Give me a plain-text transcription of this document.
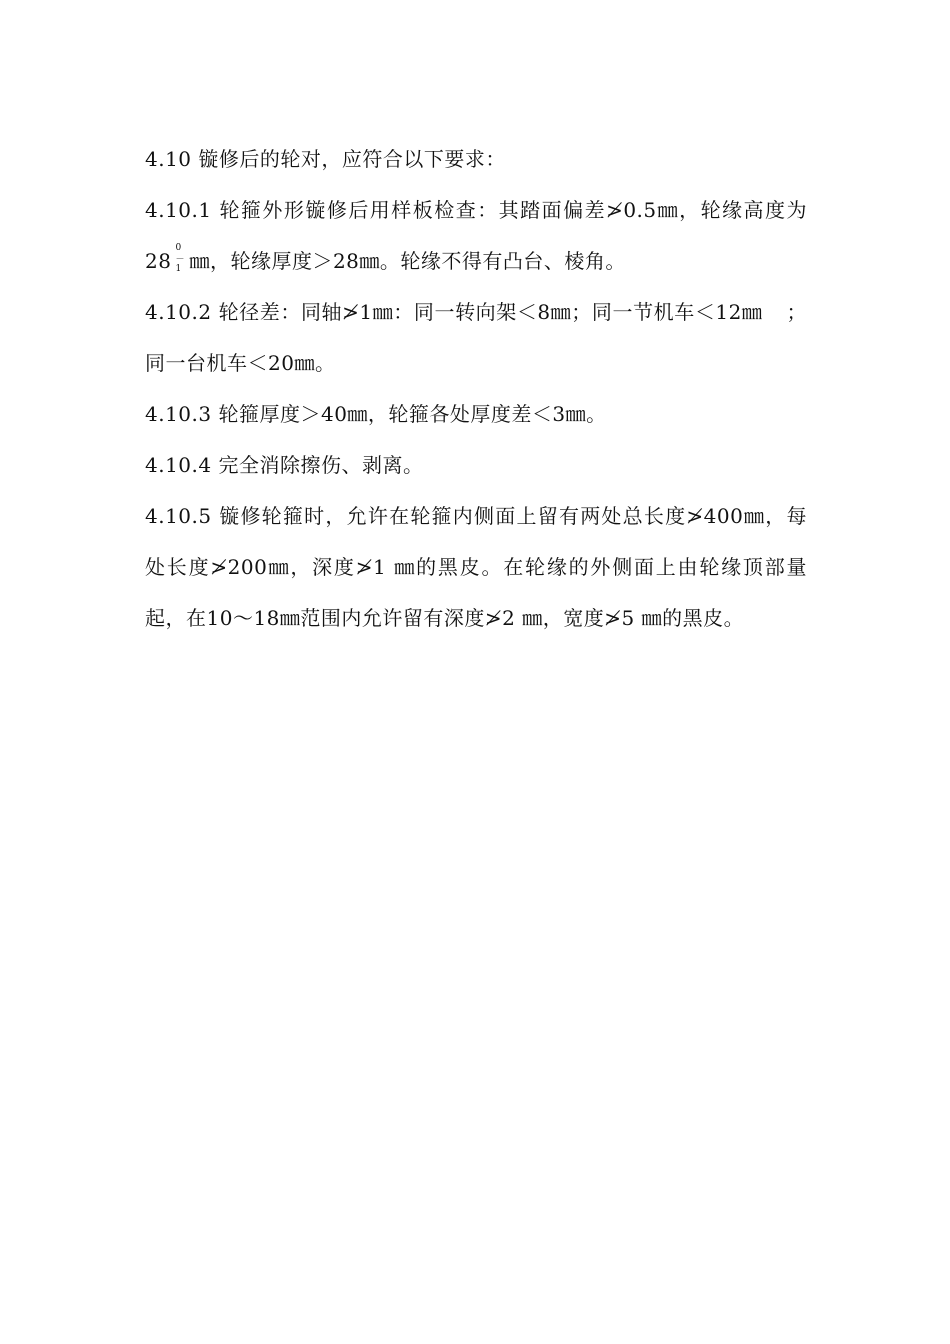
4.10 镟修后的轮对，应符合以下要求：

4.10.1 轮箍外形镟修后用样板检查：其踏面偏差≯0.5㎜，轮缘高度为28
0
－1 ㎜，轮缘厚度＞28㎜。轮缘不得有凸台、棱角。

4.10.2 轮径差：同轴≯1㎜：同一转向架＜8㎜；同一节机车＜12㎜ ；同一台机车＜20㎜。

4.10.3 轮箍厚度＞40㎜，轮箍各处厚度差＜3㎜。

4.10.4 完全消除擦伤、剥离。

4.10.5 镟修轮箍时，允许在轮箍内侧面上留有两处总长度≯400㎜，每处长度≯200㎜，深度≯1 ㎜的黑皮。在轮缘的外侧面上由轮缘顶部量起，在10～18㎜范围内允许留有深度≯2 ㎜，宽度≯5 ㎜的黑皮。
